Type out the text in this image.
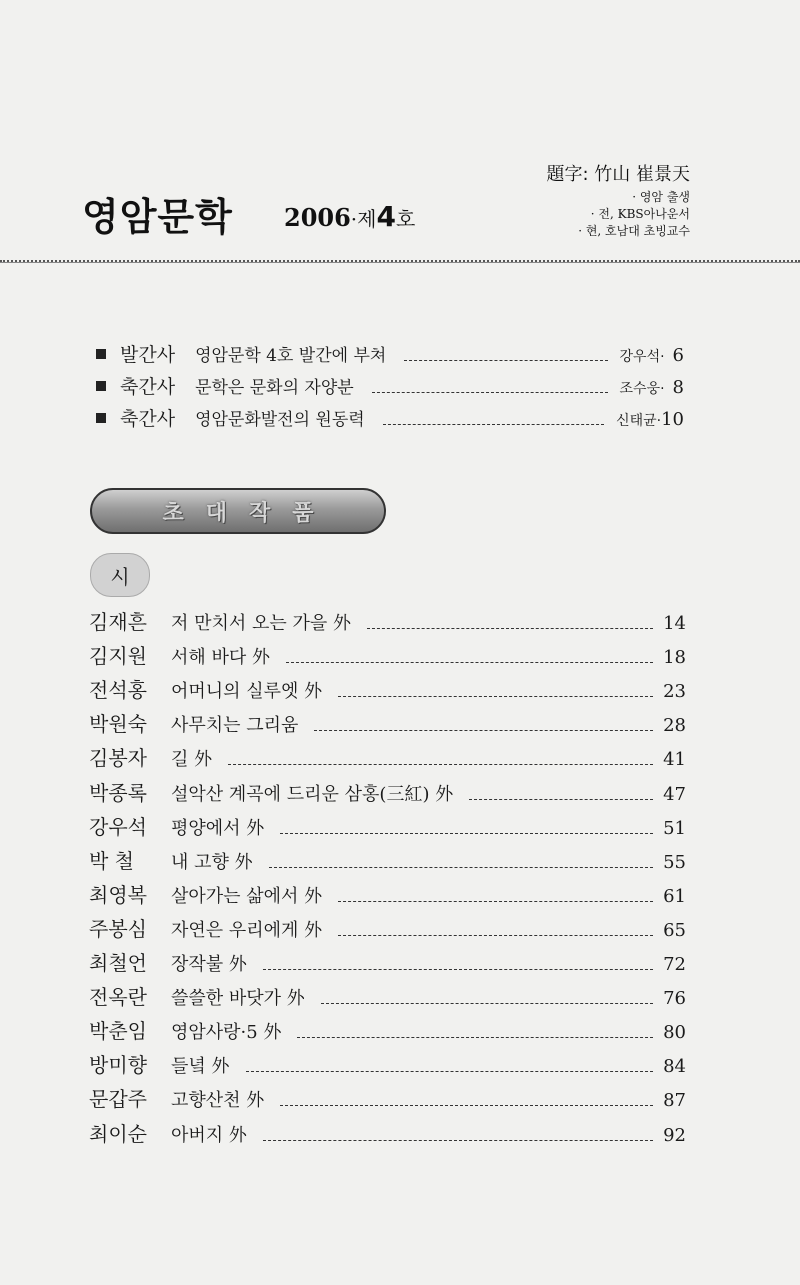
영암문학 2006·제4호
題字: 竹山 崔景天
· 영암 출생
· 전, KBS아나운서
· 현, 호남대 초빙교수
발간사 영암문학 4호 발간에 부쳐	강우석 · 6
축간사 문학은 문화의 자양분	조수웅 · 8
축간사 영암문화발전의 원동력	신태균 · 10
초대작품
시
김재흔	저 만치서 오는 가을 外	14
김지원	서해 바다 外	18
전석홍	어머니의 실루엣 外	23
박원숙	사무치는 그리움	28
김봉자	길 外	41
박종록	설악산 계곡에 드리운 삼홍(三紅) 外	47
강우석	평양에서 外	51
박 철	내 고향 外	55
최영복	살아가는 삶에서 外	61
주봉심	자연은 우리에게 外	65
최철언	장작불 外	72
전옥란	쓸쓸한 바닷가 外	76
박춘임	영암사랑·5 外	80
방미향	들녘 外	84
문갑주	고향산천 外	87
최이순	아버지 外	92
